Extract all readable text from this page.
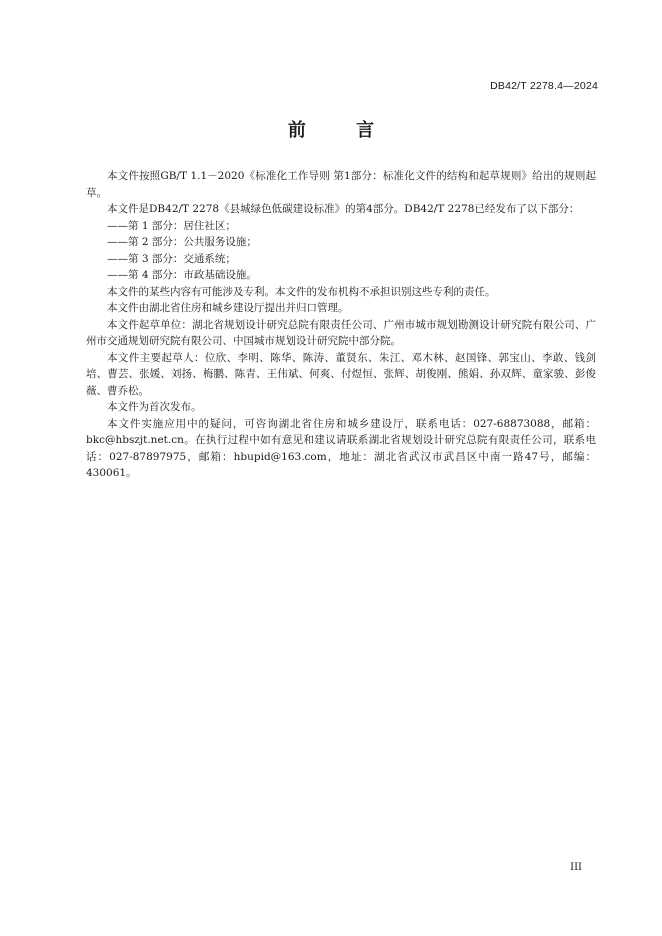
DB42/T 2278.4—2024
前 言

本文件按照GB/T 1.1－2020《标准化工作导则 第1部分：标准化文件的结构和起草规则》给出的规则起草。

本文件是DB42/T 2278《县城绿色低碳建设标准》的第4部分。DB42/T 2278已经发布了以下部分：

——第 1 部分：居住社区；

——第 2 部分：公共服务设施；

——第 3 部分：交通系统；

——第 4 部分：市政基础设施。

本文件的某些内容有可能涉及专利。本文件的发布机构不承担识别这些专利的责任。

本文件由湖北省住房和城乡建设厅提出并归口管理。

本文件起草单位：湖北省规划设计研究总院有限责任公司、广州市城市规划勘测设计研究院有限公司、广州市交通规划研究院有限公司、中国城市规划设计研究院中部分院。

本文件主要起草人：位欣、李明、陈华、陈涛、董贤东、朱江、邓木林、赵国锋、郭宝山、李敢、钱剑培、曹芸、张媛、刘扬、梅鹏、陈青、王伟斌、何爽、付煜恒、张辉、胡俊刚、熊娟、孙双辉、童家骏、彭俊薇、曹乔松。

本文件为首次发布。

本文件实施应用中的疑问，可咨询湖北省住房和城乡建设厅，联系电话：027-68873088，邮箱：bkc@hbszjt.net.cn。在执行过程中如有意见和建议请联系湖北省规划设计研究总院有限责任公司，联系电话：027-87897975，邮箱：hbupid@163.com，地址：湖北省武汉市武昌区中南一路47号，邮编：430061。

III
